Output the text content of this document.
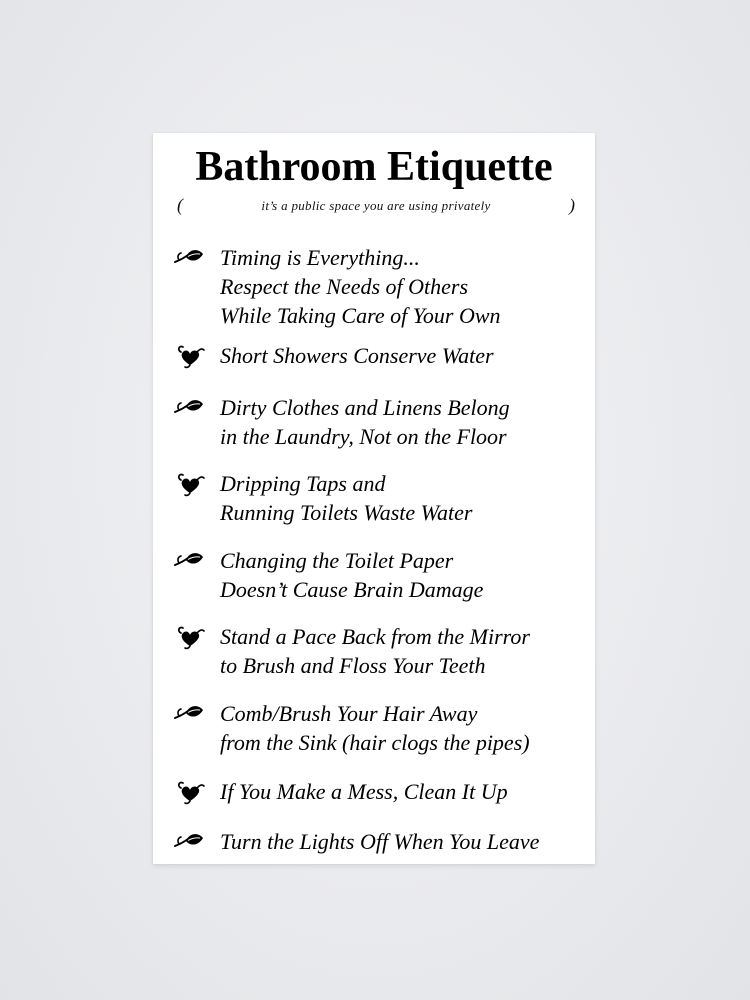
Bathroom Etiquette
(	it’s a public space you are using privately	)
Timing is Everything...
Respect the Needs of Others
While Taking Care of Your Own
Short Showers Conserve Water
Dirty Clothes and Linens Belong
in the Laundry, Not on the Floor
Dripping Taps and
Running Toilets Waste Water
Changing the Toilet Paper
Doesn’t Cause Brain Damage
Stand a Pace Back from the Mirror
to Brush and Floss Your Teeth
Comb/Brush Your Hair Away
from the Sink (hair clogs the pipes)
If You Make a Mess, Clean It Up
Turn the Lights Off When You Leave
